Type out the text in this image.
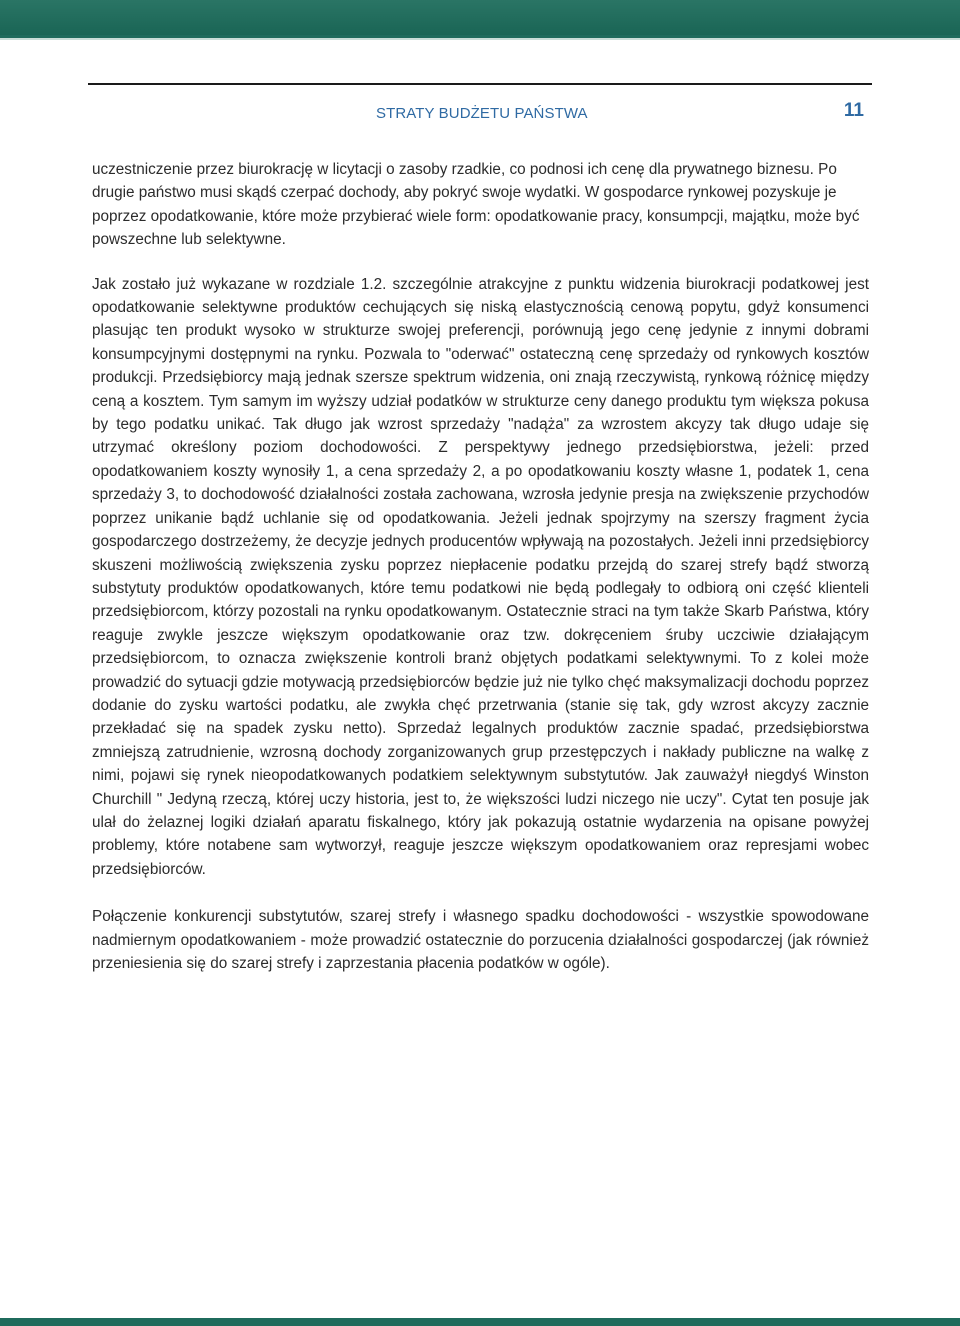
STRATY BUDŻETU PAŃSTWA	11

uczestniczenie przez biurokrację w licytacji o zasoby rzadkie, co podnosi ich cenę dla prywatnego biznesu. Po drugie państwo musi skądś czerpać dochody, aby pokryć swoje wydatki. W gospodarce rynkowej pozyskuje je poprzez opodatkowanie, które może przybierać wiele form: opodatkowanie pracy, konsumpcji, majątku, może być powszechne lub selektywne.

Jak zostało już wykazane w rozdziale 1.2. szczególnie atrakcyjne z punktu widzenia biurokracji podatkowej jest opodatkowanie selektywne produktów cechujących się niską elastycznością cenową popytu, gdyż konsumenci plasując ten produkt wysoko w strukturze swojej preferencji, porównują jego cenę jedynie z innymi dobrami konsumpcyjnymi dostępnymi na rynku. Pozwala to "oderwać" ostateczną cenę sprzedaży od rynkowych kosztów produkcji. Przedsiębiorcy mają jednak szersze spektrum widzenia, oni znają rzeczywistą, rynkową różnicę między ceną a kosztem. Tym samym im wyższy udział podatków w strukturze ceny danego produktu tym większa pokusa by tego podatku unikać. Tak długo jak wzrost sprzedaży "nadąża" za wzrostem akcyzy tak długo udaje się utrzymać określony poziom dochodowości. Z perspektywy jednego przedsiębiorstwa, jeżeli: przed opodatkowaniem koszty wynosiły 1, a cena sprzedaży 2, a po opodatkowaniu koszty własne 1, podatek 1, cena sprzedaży 3, to dochodowość działalności została zachowana, wzrosła jedynie presja na zwiększenie przychodów poprzez unikanie bądź uchlanie się od opodatkowania. Jeżeli jednak spojrzymy na szerszy fragment życia gospodarczego dostrzeżemy, że decyzje jednych producentów wpływają na pozostałych. Jeżeli inni przedsiębiorcy skuszeni możliwością zwiększenia zysku poprzez niepłacenie podatku przejdą do szarej strefy bądź stworzą substytuty produktów opodatkowanych, które temu podatkowi nie będą podlegały to odbiorą oni część klienteli przedsiębiorcom, którzy pozostali na rynku opodatkowanym. Ostatecznie straci na tym także Skarb Państwa, który reaguje zwykle jeszcze większym opodatkowanie oraz tzw. dokręceniem śruby uczciwie działającym przedsiębiorcom, to oznacza zwiększenie kontroli branż objętych podatkami selektywnymi. To z kolei może prowadzić do sytuacji gdzie motywacją przedsiębiorców będzie już nie tylko chęć maksymalizacji dochodu poprzez dodanie do zysku wartości podatku, ale zwykła chęć przetrwania (stanie się tak, gdy wzrost akcyzy zacznie przekładać się na spadek zysku netto). Sprzedaż legalnych produktów zacznie spadać, przedsiębiorstwa zmniejszą zatrudnienie, wzrosną dochody zorganizowanych grup przestępczych i nakłady publiczne na walkę z nimi, pojawi się rynek nieopodatkowanych podatkiem selektywnym substytutów. Jak zauważył niegdyś Winston Churchill " Jedyną rzeczą, której uczy historia, jest to, że większości ludzi niczego nie uczy". Cytat ten posuje jak ulał do żelaznej logiki działań aparatu fiskalnego, który jak pokazują ostatnie wydarzenia na opisane powyżej problemy, które notabene sam wytworzył, reaguje jeszcze większym opodatkowaniem oraz represjami wobec przedsiębiorców.

Połączenie konkurencji substytutów, szarej strefy i własnego spadku dochodowości - wszystkie spowodowane nadmiernym opodatkowaniem - może prowadzić ostatecznie do porzucenia działalności gospodarczej (jak również przeniesienia się do szarej strefy i zaprzestania płacenia podatków w ogóle).
